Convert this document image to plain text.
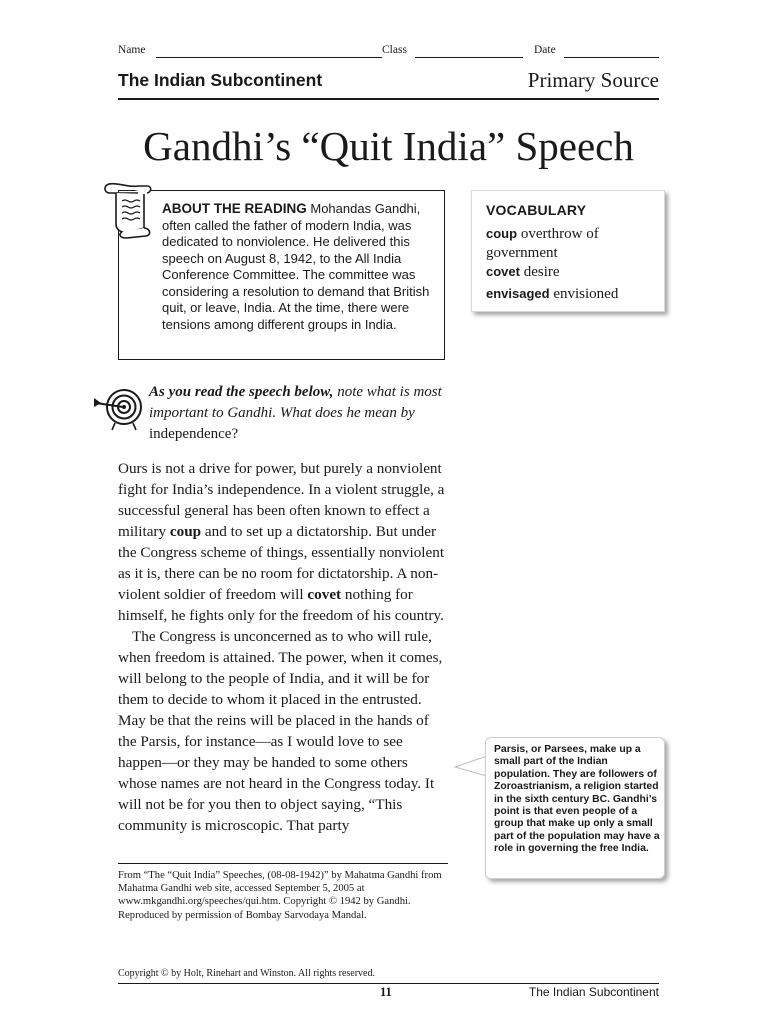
Name	Class	Date
The Indian Subcontinent	Primary Source
Gandhi’s “Quit India” Speech
ABOUT THE READING Mohandas Gandhi, often called the father of modern India, was dedicated to nonviolence. He delivered this speech on August 8, 1942, to the All India Conference Committee. The committee was considering a resolution to demand that British quit, or leave, India. At the time, there were tensions among different groups in India.
VOCABULARY
coup overthrow of government
covet desire
envisaged envisioned
As you read the speech below, note what is most important to Gandhi. What does he mean by independence?

Ours is not a drive for power, but purely a nonviolent fight for India’s independence. In a violent struggle, a successful general has been often known to effect a military coup and to set up a dictatorship. But under the Congress scheme of things, essentially nonviolent as it is, there can be no room for dictatorship. A non-violent soldier of freedom will covet nothing for himself, he fights only for the freedom of his country.

The Congress is unconcerned as to who will rule, when freedom is attained. The power, when it comes, will belong to the people of India, and it will be for them to decide to whom it placed in the entrusted. May be that the reins will be placed in the hands of the Parsis, for instance—as I would love to see happen—or they may be handed to some others whose names are not heard in the Congress today. It will not be for you then to object saying, “This community is microscopic. That party

Parsis, or Parsees, make up a small part of the Indian population. They are followers of Zoroastrianism, a religion started in the sixth century BC. Gandhi’s point is that even people of a group that make up only a small part of the population may have a role in governing the free India.
From “The “Quit India” Speeches, (08-08-1942)” by Mahatma Gandhi from Mahatma Gandhi web site, accessed September 5, 2005 at www.mkgandhi.org/speeches/qui.htm. Copyright © 1942 by Gandhi. Reproduced by permission of Bombay Sarvodaya Mandal.
Copyright © by Holt, Rinehart and Winston. All rights reserved.
11	The Indian Subcontinent
